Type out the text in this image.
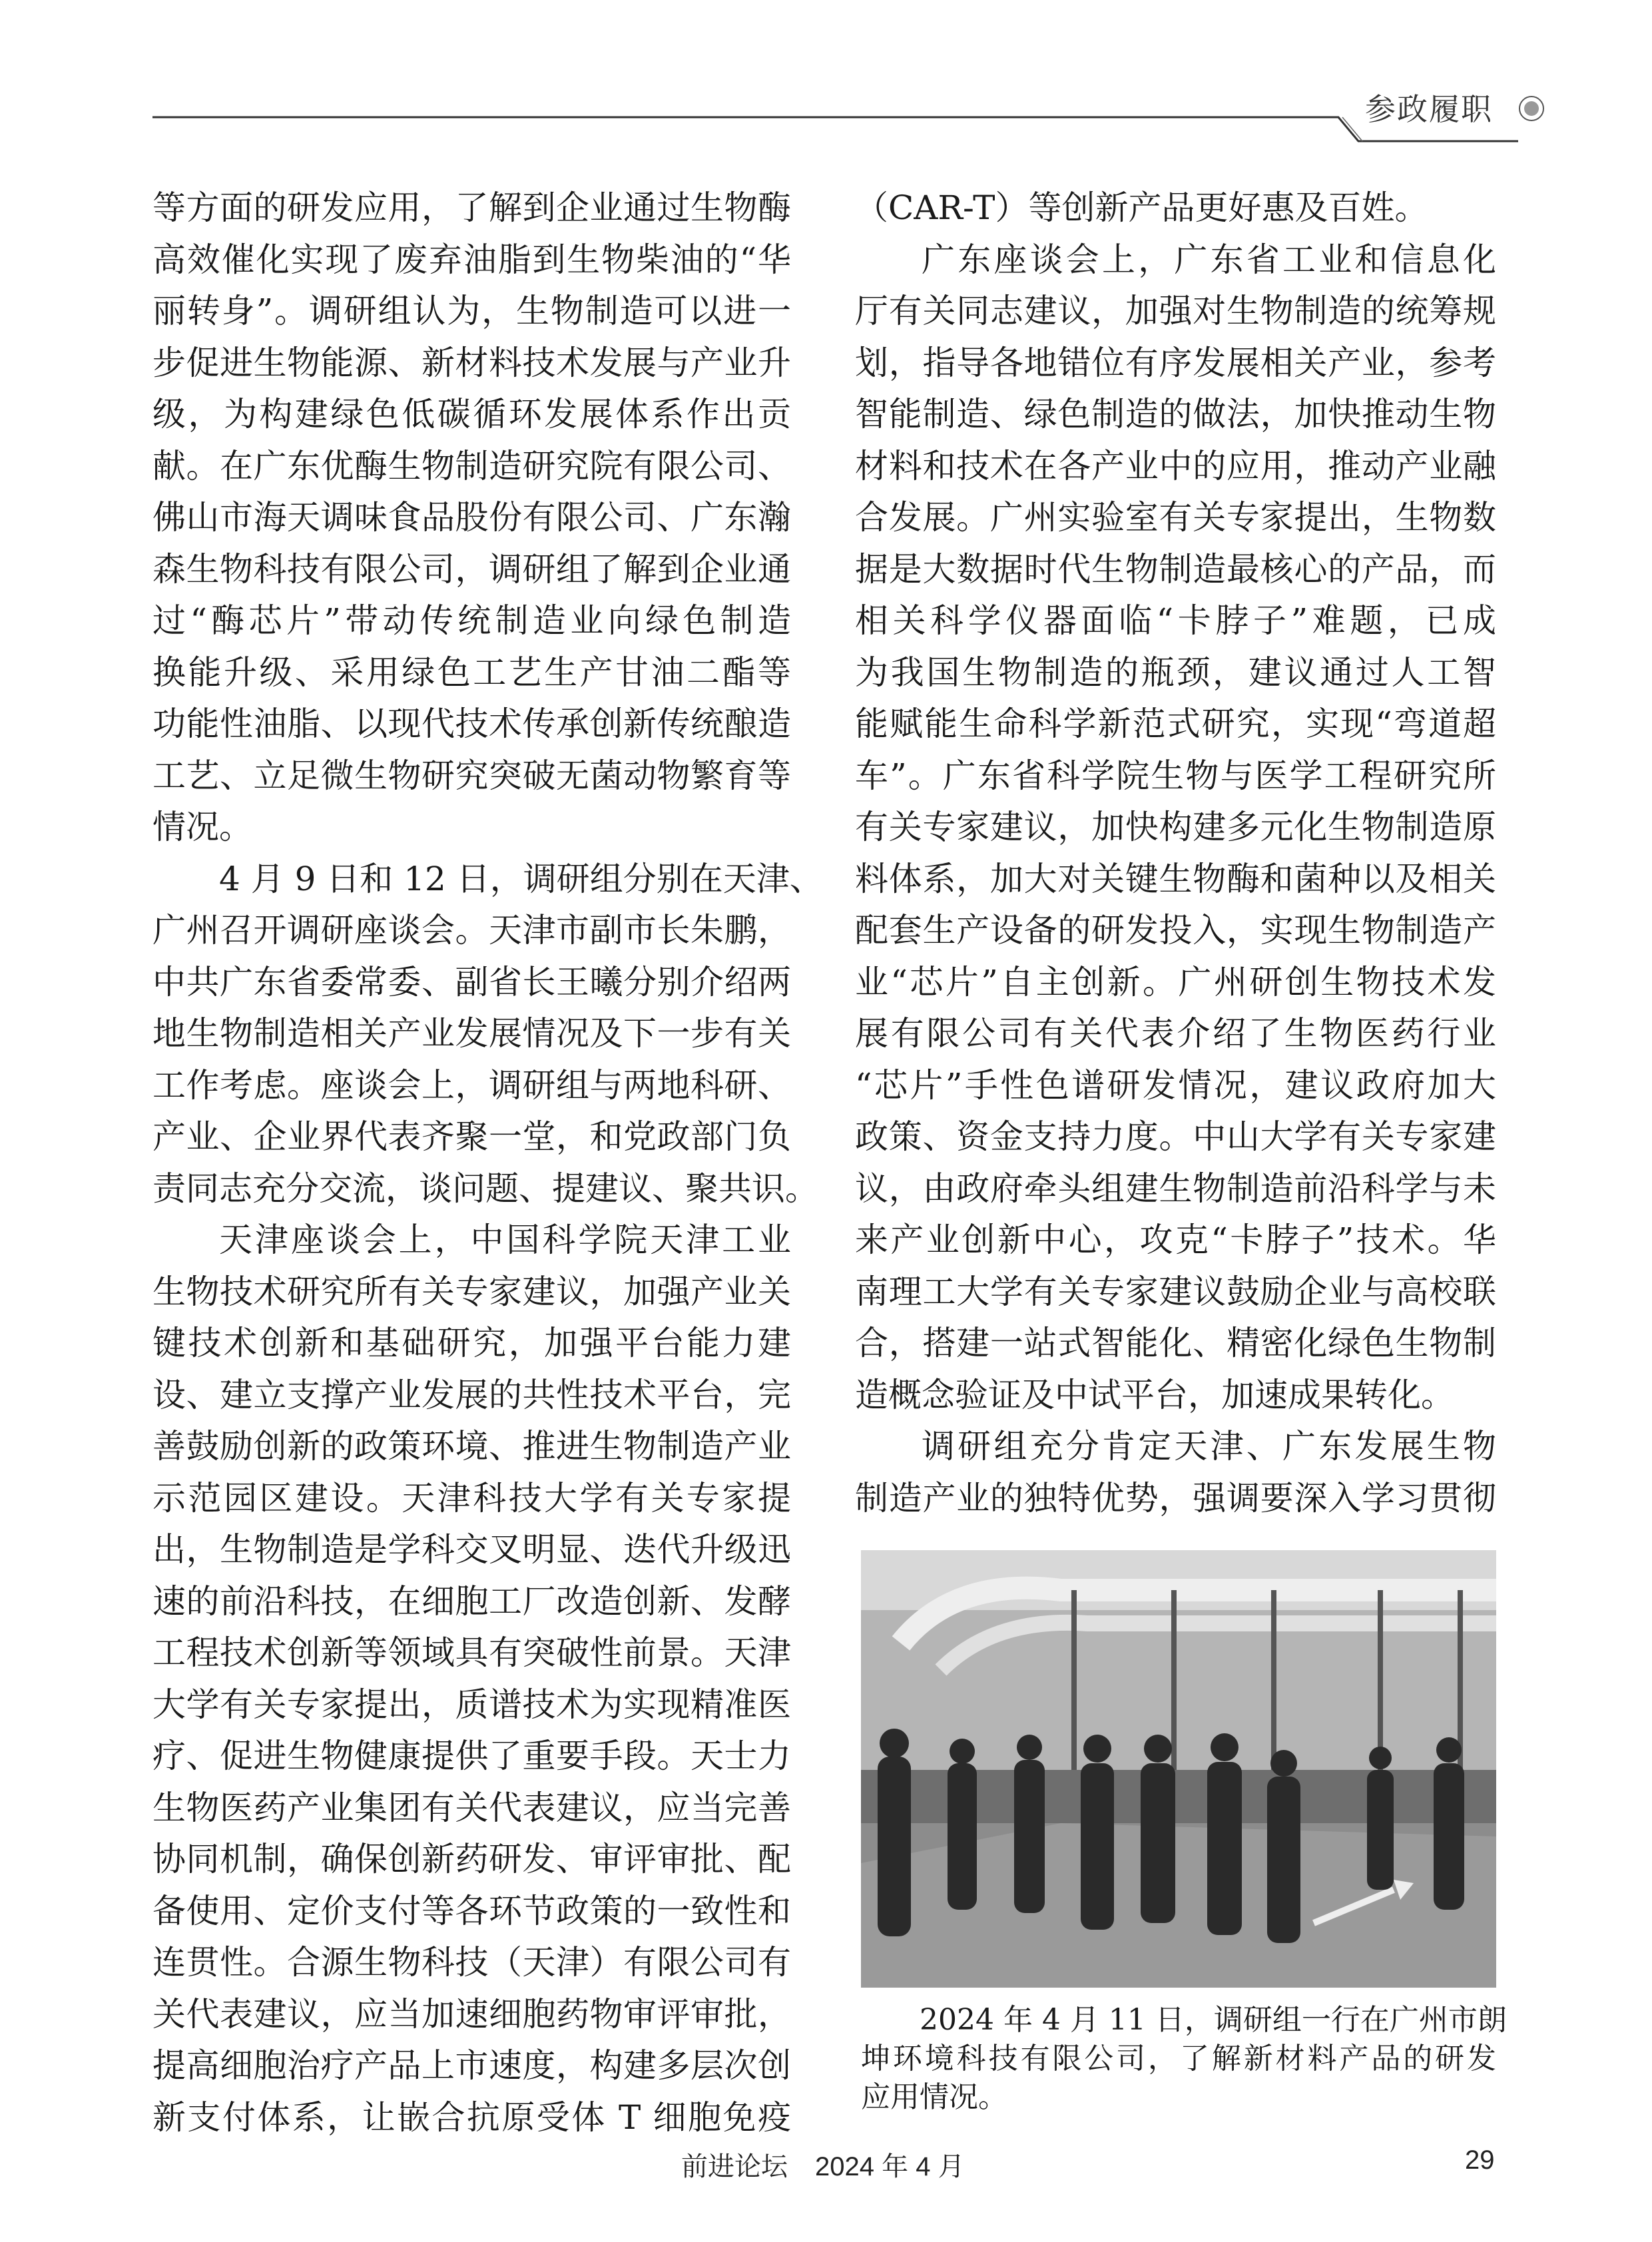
参政履职
等方面的研发应用，了解到企业通过生物酶
高效催化实现了废弃油脂到生物柴油的“华
丽转身”。调研组认为，生物制造可以进一
步促进生物能源、新材料技术发展与产业升
级，为构建绿色低碳循环发展体系作出贡
献。在广东优酶生物制造研究院有限公司、
佛山市海天调味食品股份有限公司、广东瀚
森生物科技有限公司，调研组了解到企业通
过“酶芯片”带动传统制造业向绿色制造
换能升级、采用绿色工艺生产甘油二酯等
功能性油脂、以现代技术传承创新传统酿造
工艺、立足微生物研究突破无菌动物繁育等
情况。
4 月 9 日和 12 日，调研组分别在天津、
广州召开调研座谈会。天津市副市长朱鹏，
中共广东省委常委、副省长王曦分别介绍两
地生物制造相关产业发展情况及下一步有关
工作考虑。座谈会上，调研组与两地科研、
产业、企业界代表齐聚一堂，和党政部门负
责同志充分交流，谈问题、提建议、聚共识。
天津座谈会上，中国科学院天津工业
生物技术研究所有关专家建议，加强产业关
键技术创新和基础研究，加强平台能力建
设、建立支撑产业发展的共性技术平台，完
善鼓励创新的政策环境、推进生物制造产业
示范园区建设。天津科技大学有关专家提
出，生物制造是学科交叉明显、迭代升级迅
速的前沿科技，在细胞工厂改造创新、发酵
工程技术创新等领域具有突破性前景。天津
大学有关专家提出，质谱技术为实现精准医
疗、促进生物健康提供了重要手段。天士力
生物医药产业集团有关代表建议，应当完善
协同机制，确保创新药研发、审评审批、配
备使用、定价支付等各环节政策的一致性和
连贯性。合源生物科技（天津）有限公司有
关代表建议，应当加速细胞药物审评审批，
提高细胞治疗产品上市速度，构建多层次创
新支付体系，让嵌合抗原受体 T 细胞免疫
（CAR-T）等创新产品更好惠及百姓。
广东座谈会上，广东省工业和信息化
厅有关同志建议，加强对生物制造的统筹规
划，指导各地错位有序发展相关产业，参考
智能制造、绿色制造的做法，加快推动生物
材料和技术在各产业中的应用，推动产业融
合发展。广州实验室有关专家提出，生物数
据是大数据时代生物制造最核心的产品，而
相关科学仪器面临“卡脖子”难题，已成
为我国生物制造的瓶颈，建议通过人工智
能赋能生命科学新范式研究，实现“弯道超
车”。广东省科学院生物与医学工程研究所
有关专家建议，加快构建多元化生物制造原
料体系，加大对关键生物酶和菌种以及相关
配套生产设备的研发投入，实现生物制造产
业“芯片”自主创新。广州研创生物技术发
展有限公司有关代表介绍了生物医药行业
“芯片”手性色谱研发情况，建议政府加大
政策、资金支持力度。中山大学有关专家建
议，由政府牵头组建生物制造前沿科学与未
来产业创新中心，攻克“卡脖子”技术。华
南理工大学有关专家建议鼓励企业与高校联
合，搭建一站式智能化、精密化绿色生物制
造概念验证及中试平台，加速成果转化。
调研组充分肯定天津、广东发展生物
制造产业的独特优势，强调要深入学习贯彻
2024 年 4 月 11 日，调研组一行在广州市朗
坤环境科技有限公司，了解新材料产品的研发
应用情况。
前进论坛 2024 年 4 月	29
